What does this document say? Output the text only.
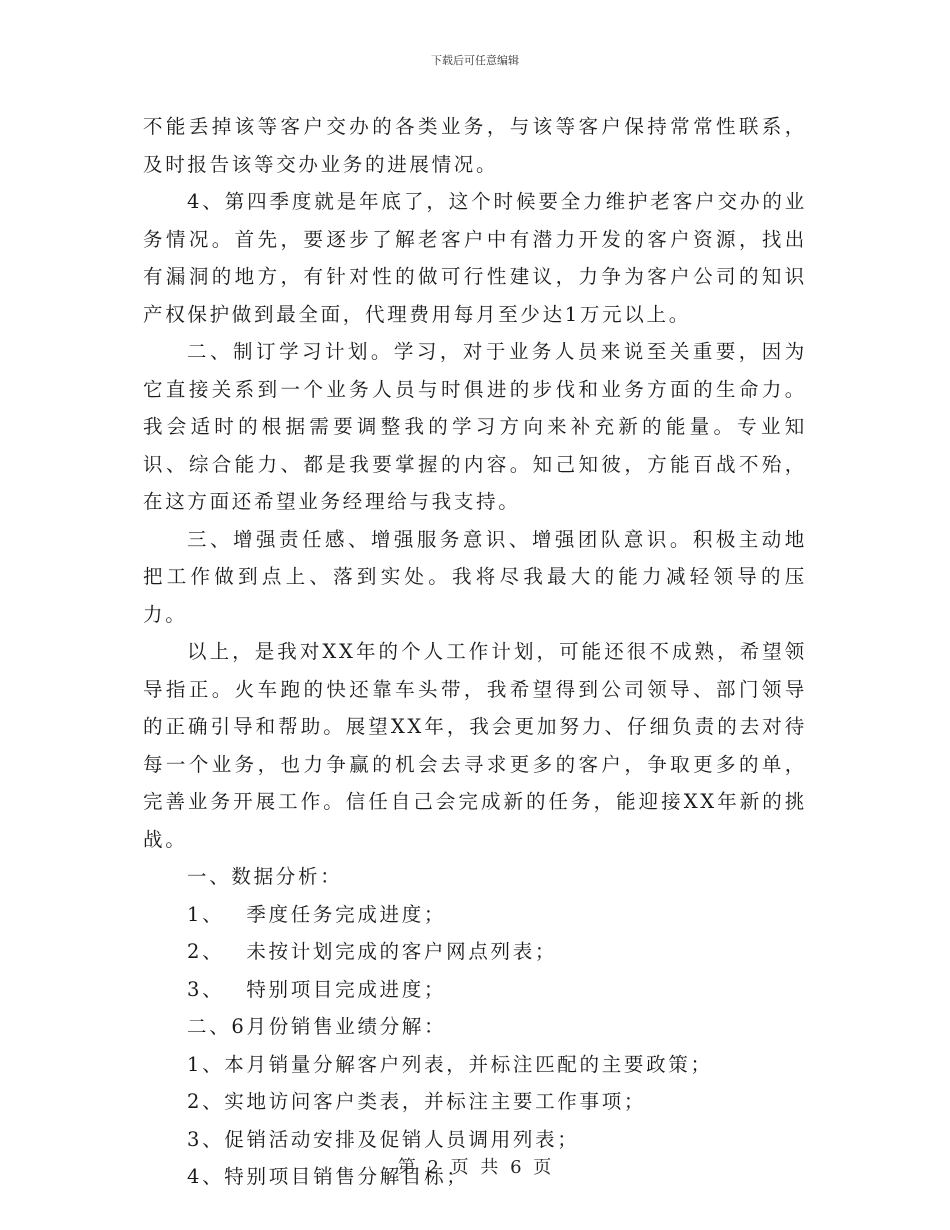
下载后可任意编辑

不能丢掉该等客户交办的各类业务，与该等客户保持常常性联系，及时报告该等交办业务的进展情况。

4、第四季度就是年底了，这个时候要全力维护老客户交办的业务情况。首先，要逐步了解老客户中有潜力开发的客户资源，找出有漏洞的地方，有针对性的做可行性建议，力争为客户公司的知识产权保护做到最全面，代理费用每月至少达1万元以上。

二、制订学习计划。学习，对于业务人员来说至关重要，因为它直接关系到一个业务人员与时俱进的步伐和业务方面的生命力。我会适时的根据需要调整我的学习方向来补充新的能量。专业知识、综合能力、都是我要掌握的内容。知己知彼，方能百战不殆，在这方面还希望业务经理给与我支持。

三、增强责任感、增强服务意识、增强团队意识。积极主动地把工作做到点上、落到实处。我将尽我最大的能力减轻领导的压力。

以上，是我对XX年的个人工作计划，可能还很不成熟，希望领导指正。火车跑的快还靠车头带，我希望得到公司领导、部门领导的正确引导和帮助。展望XX年，我会更加努力、仔细负责的去对待每一个业务，也力争赢的机会去寻求更多的客户，争取更多的单，完善业务开展工作。信任自己会完成新的任务，能迎接XX年新的挑战。

一、数据分析：

1、 季度任务完成进度；

2、 未按计划完成的客户网点列表；

3、 特别项目完成进度；

二、6月份销售业绩分解：

1、本月销量分解客户列表，并标注匹配的主要政策；

2、实地访问客户类表，并标注主要工作事项；

3、促销活动安排及促销人员调用列表；

4、特别项目销售分解目标；

第 2 页 共 6 页
